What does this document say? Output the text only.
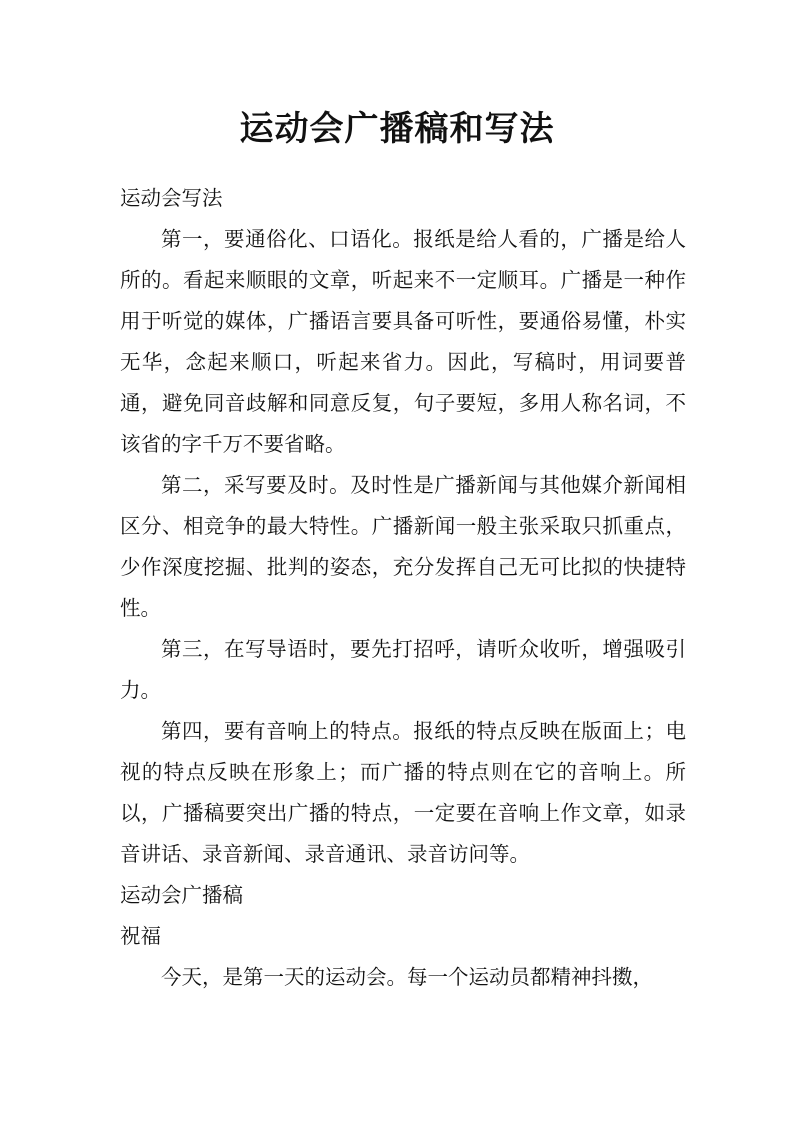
运动会广播稿和写法
运动会写法

第一，要通俗化、口语化。报纸是给人看的，广播是给人所的。看起来顺眼的文章，听起来不一定顺耳。广播是一种作用于听觉的媒体，广播语言要具备可听性，要通俗易懂，朴实无华，念起来顺口，听起来省力。因此，写稿时，用词要普通，避免同音歧解和同意反复，句子要短，多用人称名词，不该省的字千万不要省略。

第二，采写要及时。及时性是广播新闻与其他媒介新闻相区分、相竞争的最大特性。广播新闻一般主张采取只抓重点，少作深度挖掘、批判的姿态，充分发挥自己无可比拟的快捷特性。

第三，在写导语时，要先打招呼，请听众收听，增强吸引力。

第四，要有音响上的特点。报纸的特点反映在版面上；电视的特点反映在形象上；而广播的特点则在它的音响上。所以，广播稿要突出广播的特点，一定要在音响上作文章，如录音讲话、录音新闻、录音通讯、录音访问等。

运动会广播稿
祝福

今天，是第一天的运动会。每一个运动员都精神抖擞，
